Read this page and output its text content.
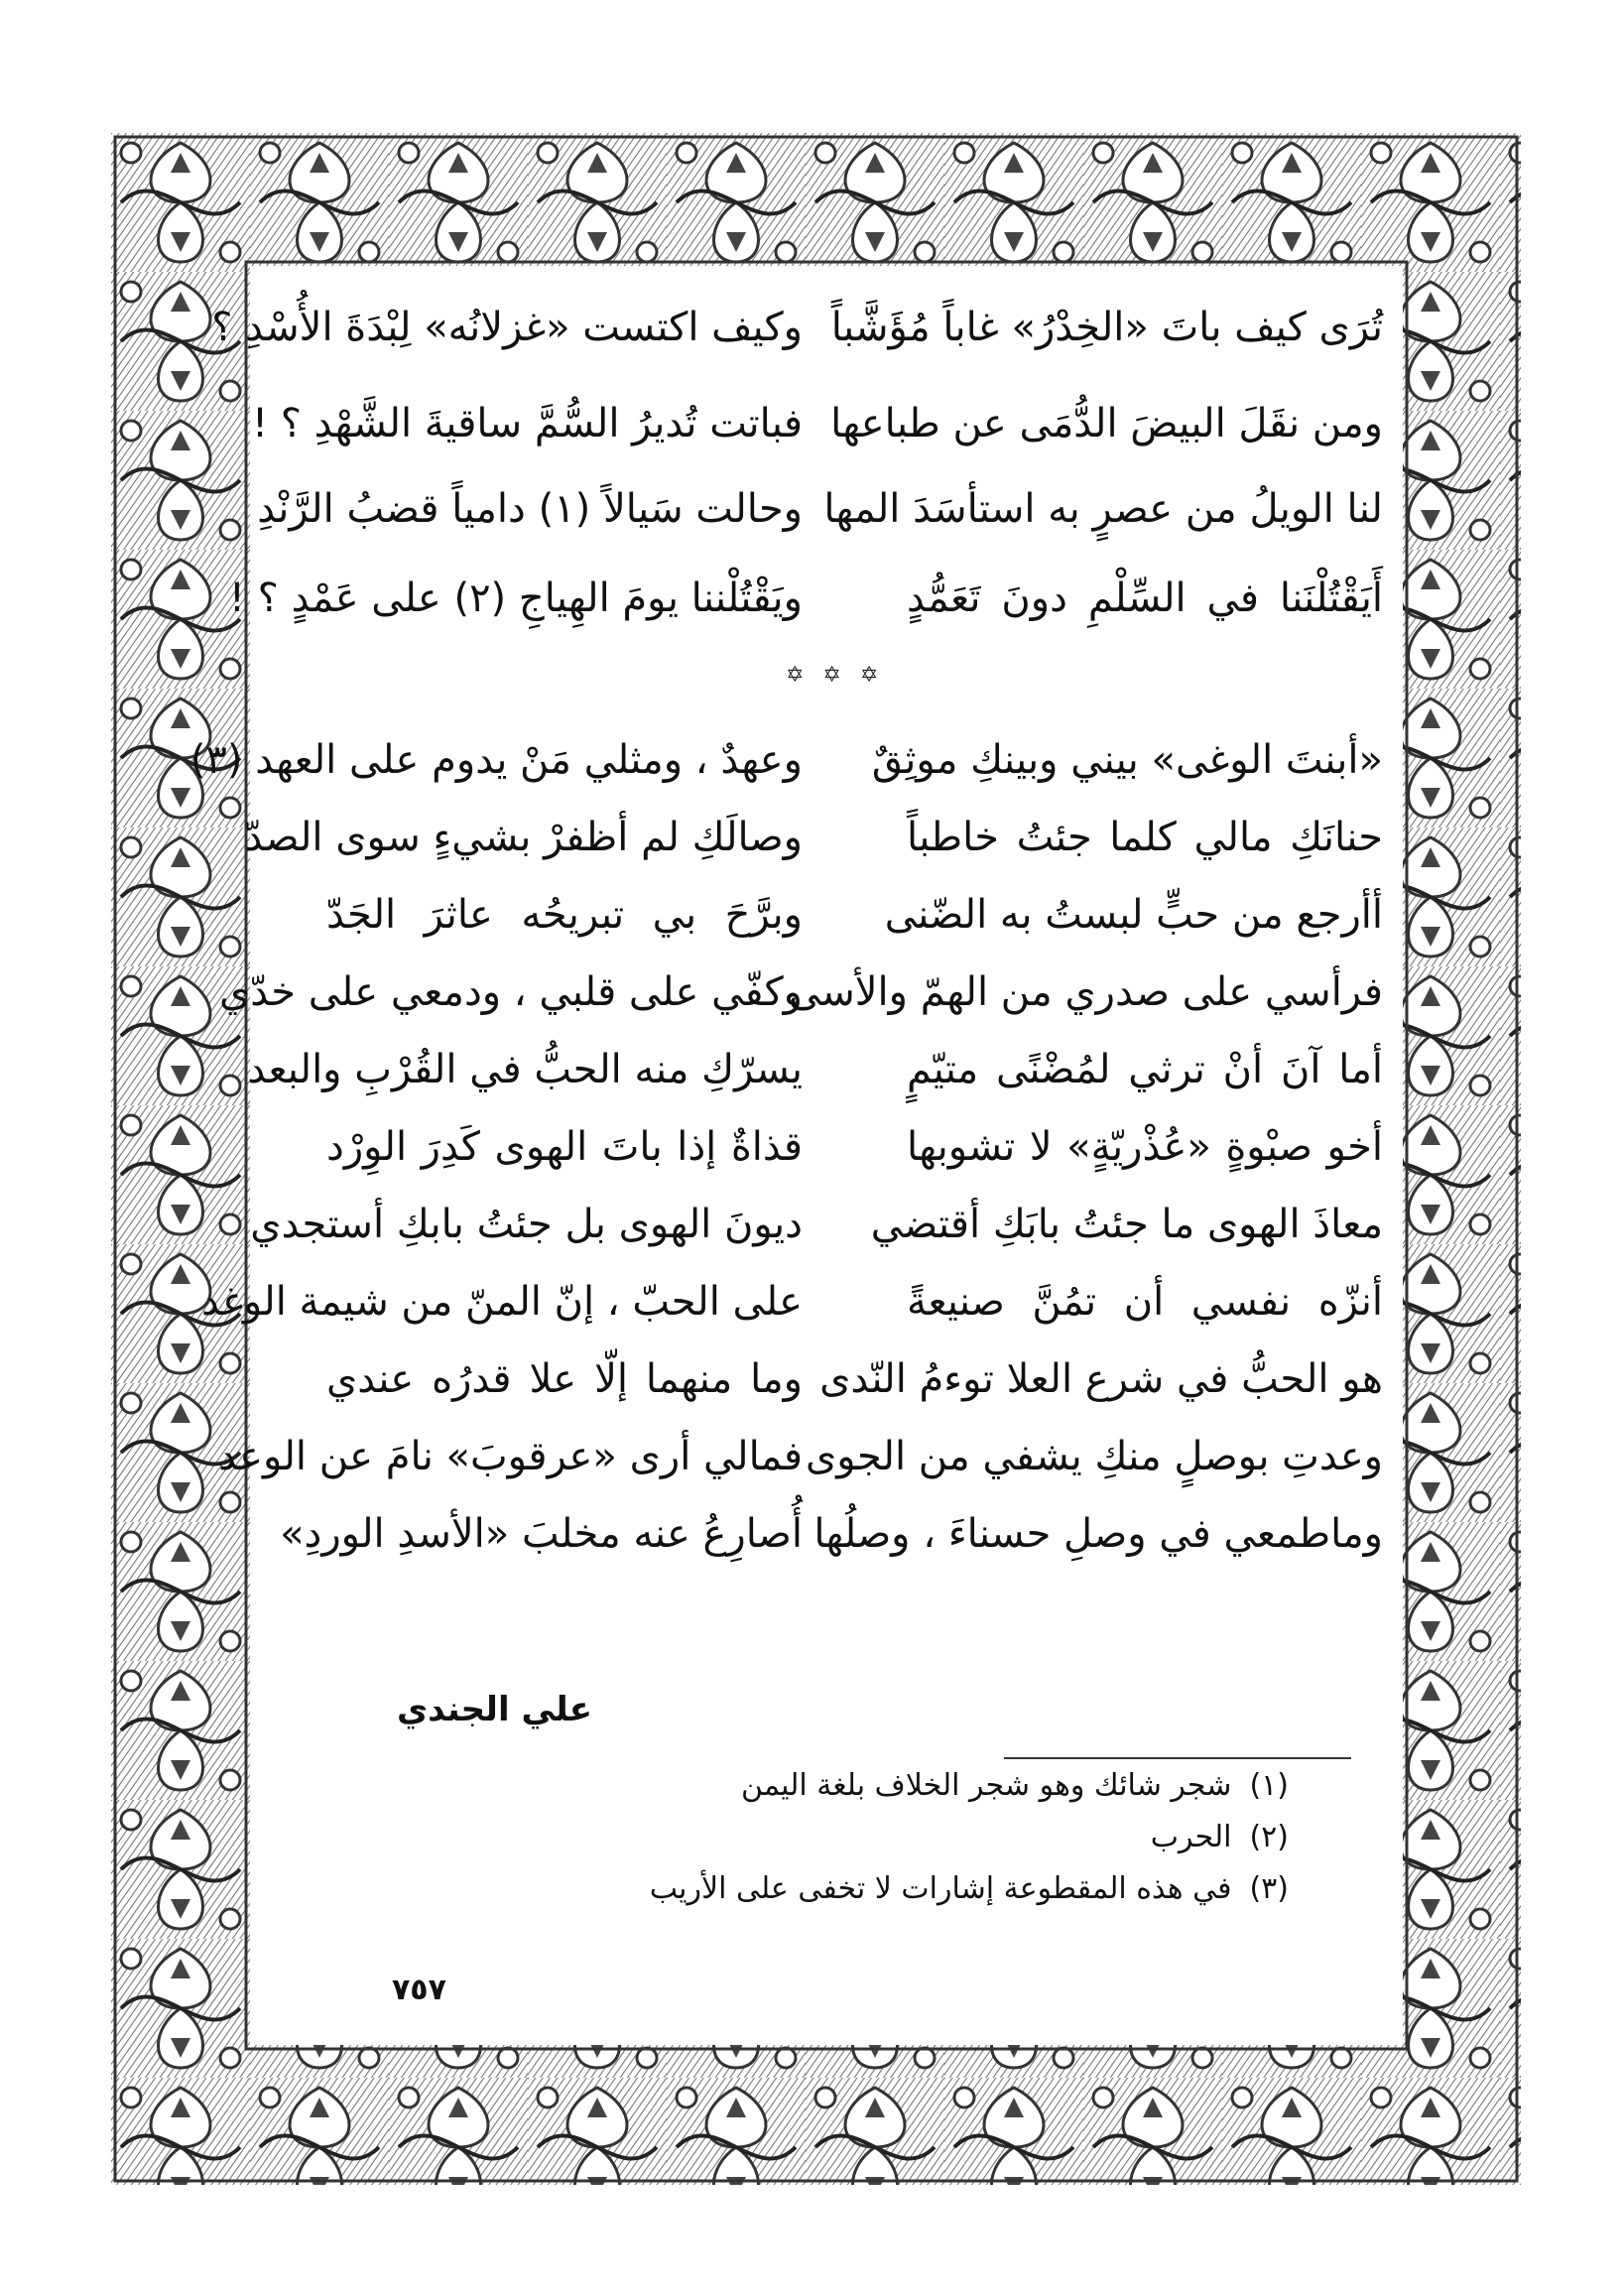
تُرَى كيف باتَ «الخِدْرُ» غاباً مُؤَشَّباً
وكيف اكتست «غزلانُه» لِبْدَةَ الأُسْدِ ؟
ومن نقَلَ البيضَ الدُّمَى عن طباعها
فباتت تُديرُ السُّمَّ ساقيةَ الشَّهْدِ ؟ !
لنا الويلُ من عصرٍ به استأسَدَ المها
وحالت سَيالاً (١) دامياً قضبُ الرَّنْدِ
أَيَقْتُلْنَنا في السِّلْمِ دونَ تَعَمُّدٍ
ويَقْتُلْننا يومَ الهِياجِ (٢) على عَمْدٍ ؟ !
✡ ✡ ✡
«أبنتَ الوغى» بيني وبينكِ موثِقٌ
وعهدٌ ، ومثلي مَنْ يدوم على العهد (٣)
حنانَكِ مالي كلما جئتُ خاطباً
وصالَكِ لم أظفرْ بشيءٍ سوى الصدّ
أأرجع من حبٍّ لبستُ به الضّنى
وبرَّحَ بي تبريحُه عاثرَ الجَدّ
فرأسي على صدري من الهمّ والأسى
وكفّي على قلبي ، ودمعي على خدّي
أما آنَ أنْ ترثي لمُضْنًى متيّمٍ
يسرّكِ منه الحبُّ في القُرْبِ والبعد
أخو صبْوةٍ «عُذْريّةٍ» لا تشوبها
قذاةٌ إذا باتَ الهوى كَدِرَ الوِرْد
معاذَ الهوى ما جئتُ بابَكِ أقتضي
ديونَ الهوى بل جئتُ بابكِ أستجدي
أنزّه نفسي أن تمُنَّ صنيعةً
على الحبّ ، إنّ المنّ من شيمة الوغد
هو الحبُّ في شرع العلا توءمُ النّدى
وما منهما إلّا علا قدرُه عندي
وعدتِ بوصلٍ منكِ يشفي من الجوى
فمالي أرى «عرقوبَ» نامَ عن الوعد
وماطمعي في وصلِ حسناءَ ، وصلُها
أُصارِعُ عنه مخلبَ «الأسدِ الوردِ»
علي الجندي
(١)شجر شائك وهو شجر الخلاف بلغة اليمن
(٢)الحرب
(٣)في هذه المقطوعة إشارات لا تخفى على الأريب
٧٥٧
